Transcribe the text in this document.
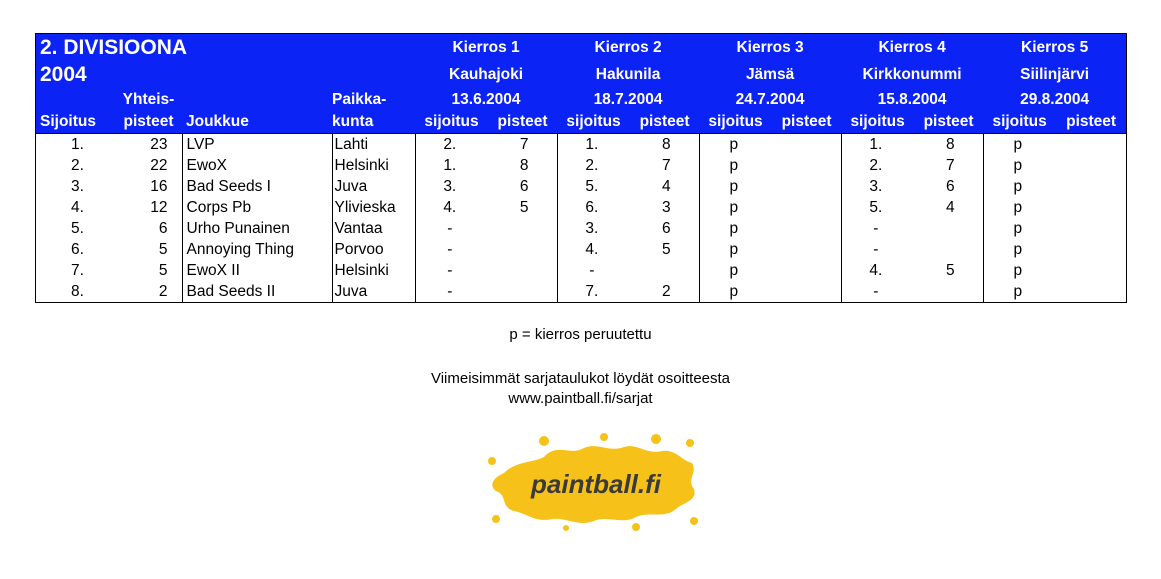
2. DIVISIOONA				Kierros 1		Kierros 2		Kierros 3		Kierros 4		Kierros 5	
2004				Kauhajoki		Hakunila		Jämsä		Kirkkonummi		Siilinjärvi	
	Yhteis-		Paikka-	13.6.2004		18.7.2004		24.7.2004		15.8.2004		29.8.2004	
Sijoitus	pisteet	Joukkue	kunta	sijoitus	pisteet	sijoitus	pisteet	sijoitus	pisteet	sijoitus	pisteet	sijoitus	pisteet
1.	23	LVP	Lahti	2.	7	1.	8	p		1.	8	p	
2.	22	EwoX	Helsinki	1.	8	2.	7	p		2.	7	p	
3.	16	Bad Seeds I	Juva	3.	6	5.	4	p		3.	6	p	
4.	12	Corps Pb	Ylivieska	4.	5	6.	3	p		5.	4	p	
5.	6	Urho Punainen	Vantaa	-		3.	6	p		-		p	
6.	5	Annoying Thing	Porvoo	-		4.	5	p		-		p	
7.	5	EwoX II	Helsinki	-		-		p		4.	5	p	
8.	2	Bad Seeds II	Juva	-		7.	2	p		-		p	
p = kierros peruutettu
Viimeisimmät sarjataulukot löydät osoitteesta
www.paintball.fi/sarjat
paintball.fi
